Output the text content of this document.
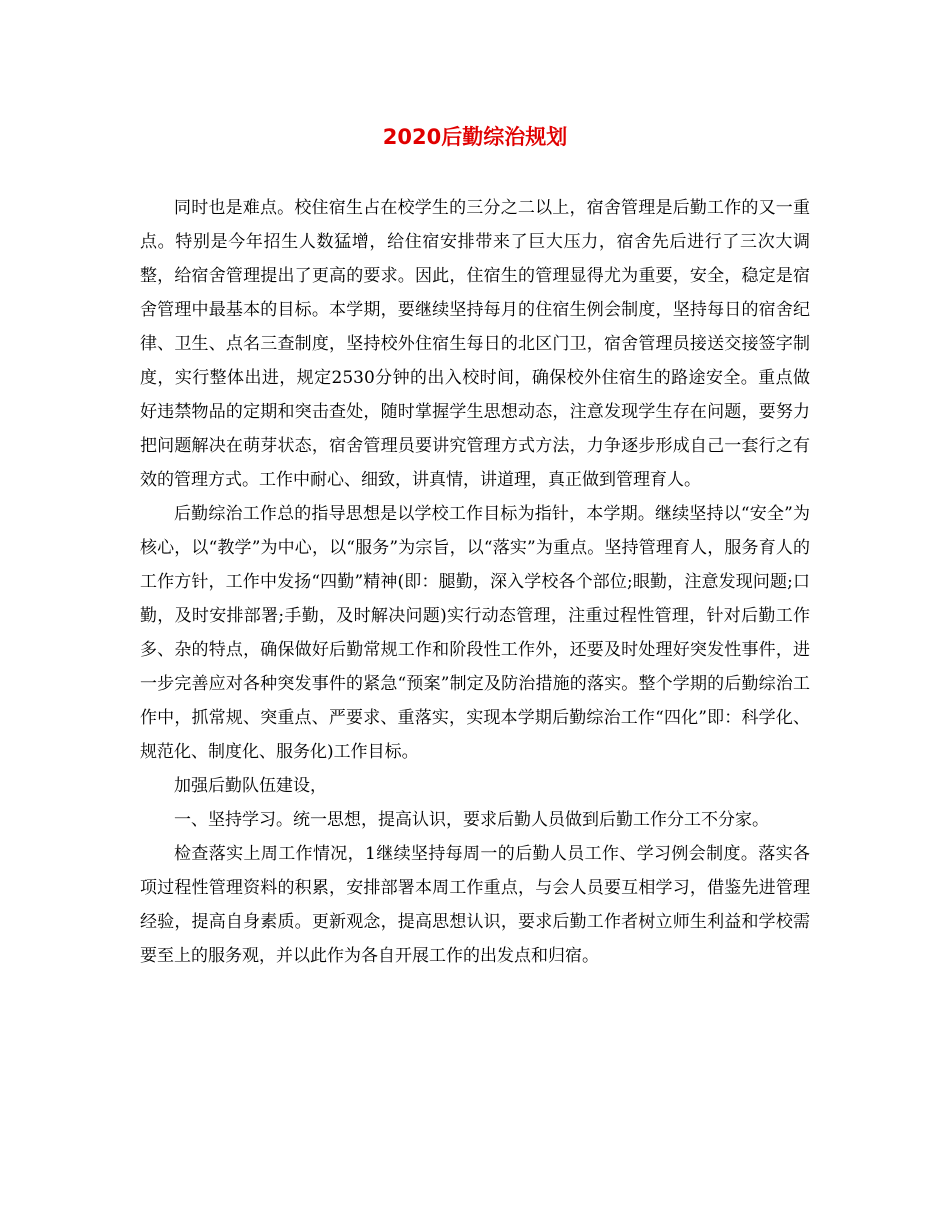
2020后勤综治规划

同时也是难点。校住宿生占在校学生的三分之二以上，宿舍管理是后勤工作的又一重点。特别是今年招生人数猛增，给住宿安排带来了巨大压力，宿舍先后进行了三次大调整，给宿舍管理提出了更高的要求。因此，住宿生的管理显得尤为重要，安全，稳定是宿舍管理中最基本的目标。本学期，要继续坚持每月的住宿生例会制度，坚持每日的宿舍纪律、卫生、点名三查制度，坚持校外住宿生每日的北区门卫，宿舍管理员接送交接签字制度，实行整体出进，规定2530分钟的出入校时间，确保校外住宿生的路途安全。重点做好违禁物品的定期和突击查处，随时掌握学生思想动态，注意发现学生存在问题，要努力把问题解决在萌芽状态，宿舍管理员要讲究管理方式方法，力争逐步形成自己一套行之有效的管理方式。工作中耐心、细致，讲真情，讲道理，真正做到管理育人。

后勤综治工作总的指导思想是以学校工作目标为指针，本学期。继续坚持以“安全”为核心，以“教学”为中心，以“服务”为宗旨，以“落实”为重点。坚持管理育人，服务育人的工作方针，工作中发扬“四勤”精神(即：腿勤，深入学校各个部位;眼勤，注意发现问题;口勤，及时安排部署;手勤，及时解决问题)实行动态管理，注重过程性管理，针对后勤工作多、杂的特点，确保做好后勤常规工作和阶段性工作外，还要及时处理好突发性事件，进一步完善应对各种突发事件的紧急“预案”制定及防治措施的落实。整个学期的后勤综治工作中，抓常规、突重点、严要求、重落实，实现本学期后勤综治工作“四化”即：科学化、规范化、制度化、服务化)工作目标。

加强后勤队伍建设，

一、坚持学习。统一思想，提高认识，要求后勤人员做到后勤工作分工不分家。

检查落实上周工作情况，1继续坚持每周一的后勤人员工作、学习例会制度。落实各项过程性管理资料的积累，安排部署本周工作重点，与会人员要互相学习，借鉴先进管理经验，提高自身素质。更新观念，提高思想认识，要求后勤工作者树立师生利益和学校需要至上的服务观，并以此作为各自开展工作的出发点和归宿。
